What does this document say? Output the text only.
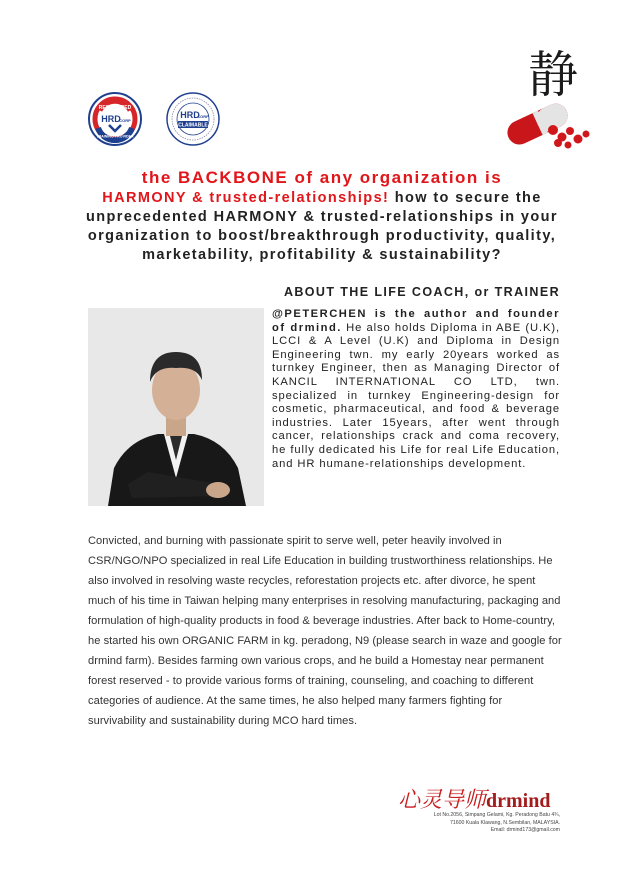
REGISTERED
HRD
CORP
TRAINING PROVIDER
HRD
CORP
CLAIMABLE
静
the BACKBONE of any organization is
HARMONY & trusted-relationships! how to secure the unprecedented HARMONY & trusted-relationships in your organization to boost/breakthrough productivity, quality, marketability, profitability & sustainability?
ABOUT THE LIFE COACH, or TRAINER
@PETERCHEN is the author and founder of drmind. He also holds Diploma in ABE (U.K), LCCI & A Level (U.K) and Diploma in Design Engineering twn. my early 20years worked as turnkey Engineer, then as Managing Director of KANCIL INTERNATIONAL CO LTD, twn. specialized in turnkey Engineering-design for cosmetic, pharmaceutical, and food & beverage industries. Later 15years, after went through cancer, relationships crack and coma recovery, he fully dedicated his Life for real Life Education, and HR humane-relationships development.
Convicted, and burning with passionate spirit to serve well, peter heavily involved in CSR/NGO/NPO specialized in real Life Education in building trustworthiness relationships. He also involved in resolving waste recycles, reforestation projects etc. after divorce, he spent much of his time in Taiwan helping many enterprises in resolving manufacturing, packaging and formulation of high-quality products in food & beverage industries. After back to Home-country, he started his own ORGANIC FARM in kg. peradong, N9 (please search in waze and google for drmind farm). Besides farming own various crops, and he build a Homestay near permanent forest reserved - to provide various forms of training, counseling, and coaching to different categories of audience. At the same times, he also helped many farmers fighting for survivability and sustainability during MCO hard times.
心灵导师drmind
Lot No.2056, Simpang Gelami, Kg. Peradong Batu 4¾,
71600 Kuala Klawang, N.Sembilan, MALAYSIA.
Email: drmind173@gmail.com
